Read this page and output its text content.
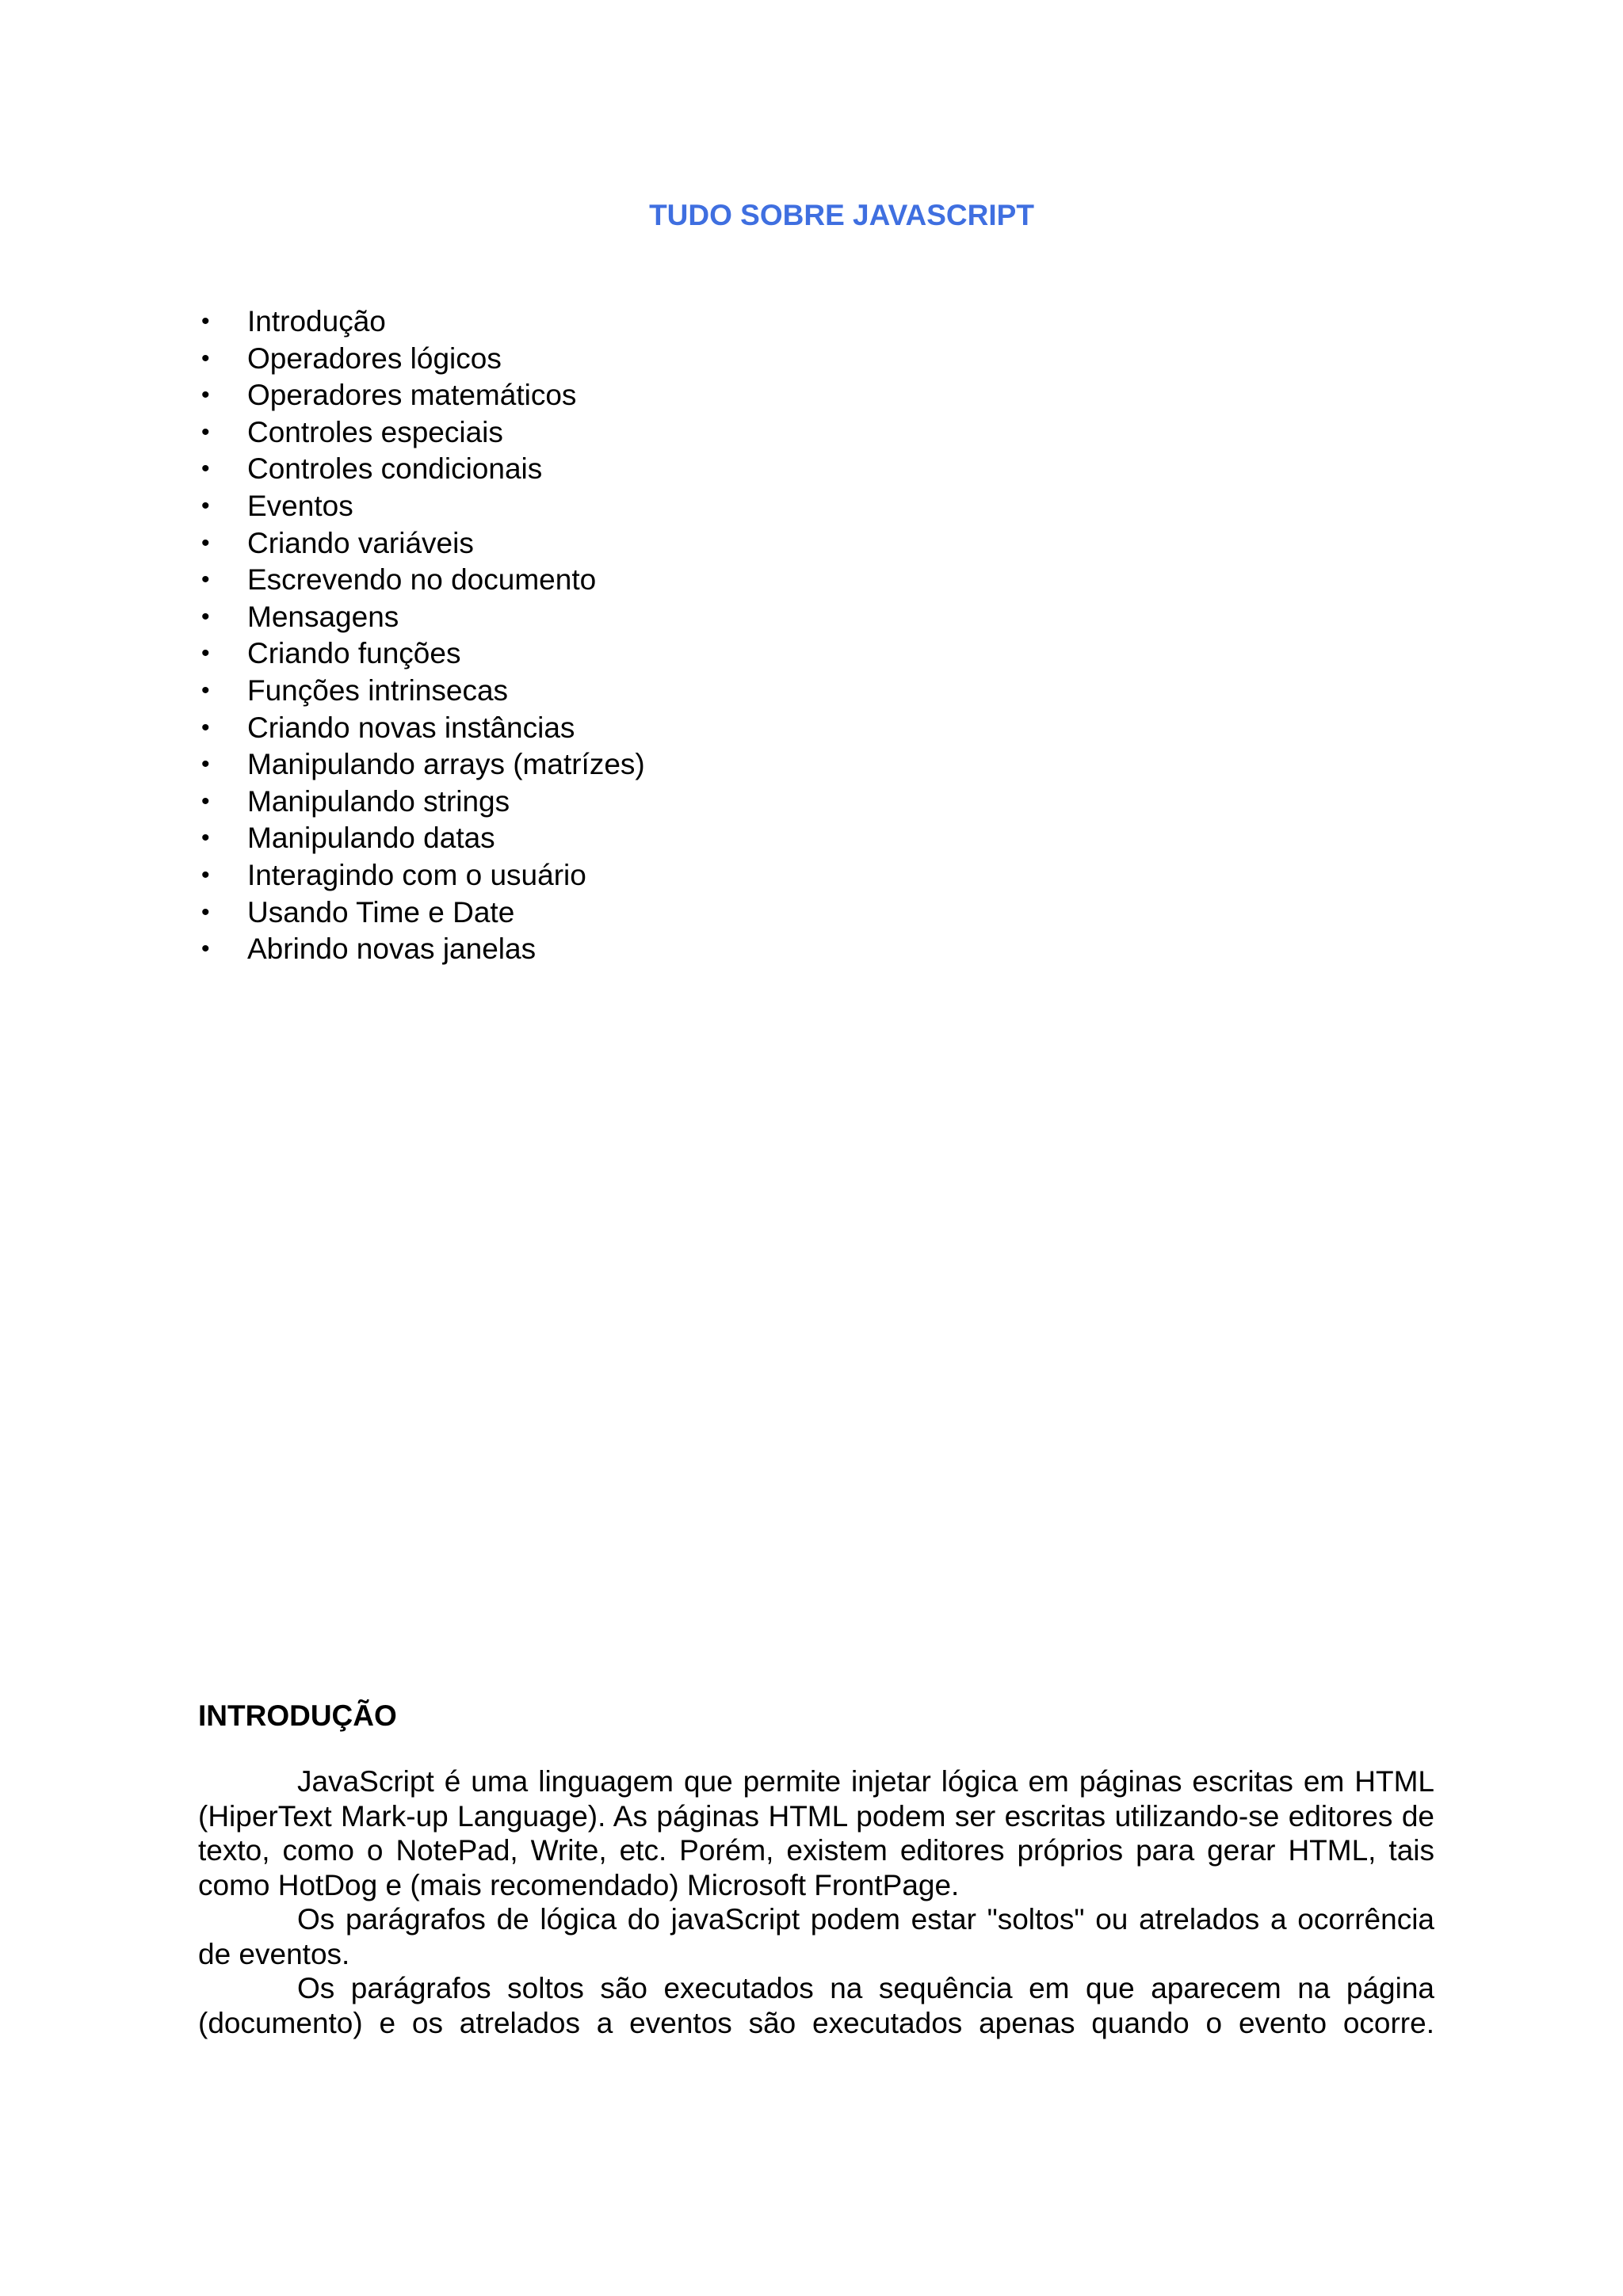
TUDO SOBRE JAVASCRIPT
• Introdução
• Operadores lógicos
• Operadores matemáticos
• Controles especiais
• Controles condicionais
• Eventos
• Criando variáveis
• Escrevendo no documento
• Mensagens
• Criando funções
• Funções intrinsecas
• Criando novas instâncias
• Manipulando arrays (matrízes)
• Manipulando strings
• Manipulando datas
• Interagindo com o usuário
• Usando Time e Date
• Abrindo novas janelas
INTRODUÇÃO

JavaScript é uma linguagem que permite injetar lógica em páginas escritas em HTML (HiperText Mark-up Language). As páginas HTML podem ser escritas utilizando-se editores de texto, como o NotePad, Write, etc. Porém, existem editores próprios para gerar HTML, tais como HotDog e (mais recomendado) Microsoft FrontPage.

Os parágrafos de lógica do javaScript podem estar "soltos" ou atrelados a ocorrência de eventos.

Os parágrafos soltos são executados na sequência em que aparecem na página (documento) e os atrelados a eventos são executados apenas quando o evento ocorre.
